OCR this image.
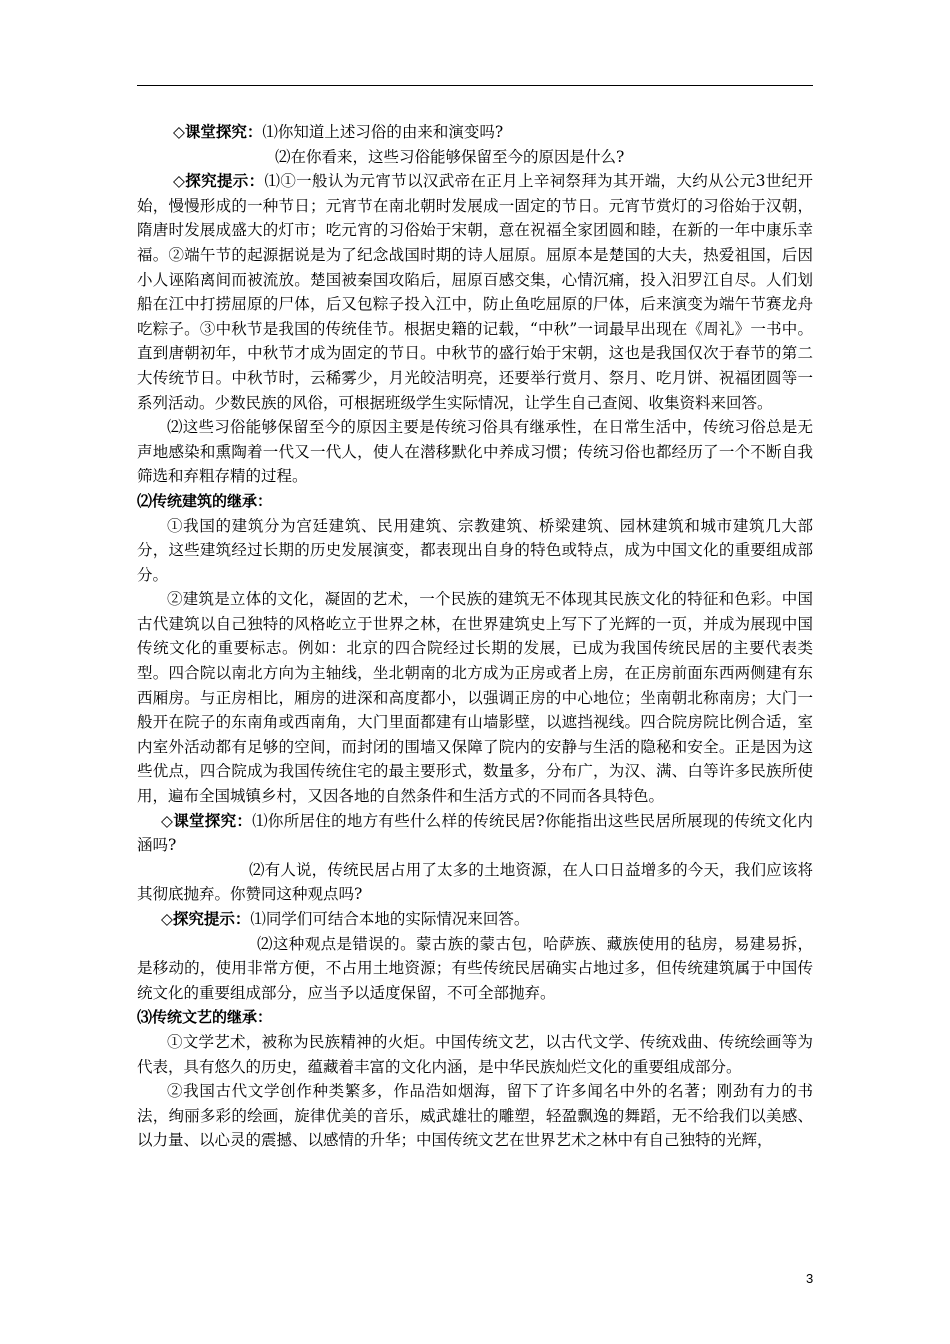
◇课堂探究：⑴你知道上述习俗的由来和演变吗?

⑵在你看来，这些习俗能够保留至今的原因是什么?

◇探究提示：⑴①一般认为元宵节以汉武帝在正月上辛祠祭拜为其开端，大约从公元3世纪开始，慢慢形成的一种节日；元宵节在南北朝时发展成一固定的节日。元宵节赏灯的习俗始于汉朝，隋唐时发展成盛大的灯市；吃元宵的习俗始于宋朝，意在祝福全家团圆和睦，在新的一年中康乐幸福。②端午节的起源据说是为了纪念战国时期的诗人屈原。屈原本是楚国的大夫，热爱祖国，后因小人诬陷离间而被流放。楚国被秦国攻陷后，屈原百感交集，心情沉痛，投入汨罗江自尽。人们划船在江中打捞屈原的尸体，后又包粽子投入江中，防止鱼吃屈原的尸体，后来演变为端午节赛龙舟吃粽子。③中秋节是我国的传统佳节。根据史籍的记载，“中秋”一词最早出现在《周礼》一书中。直到唐朝初年，中秋节才成为固定的节日。中秋节的盛行始于宋朝，这也是我国仅次于春节的第二大传统节日。中秋节时，云稀雾少，月光皎洁明亮，还要举行赏月、祭月、吃月饼、祝福团圆等一系列活动。少数民族的风俗，可根据班级学生实际情况，让学生自己查阅、收集资料来回答。

⑵这些习俗能够保留至今的原因主要是传统习俗具有继承性，在日常生活中，传统习俗总是无声地感染和熏陶着一代又一代人，使人在潜移默化中养成习惯；传统习俗也都经历了一个不断自我筛选和弃粗存精的过程。

⑵传统建筑的继承：

①我国的建筑分为宫廷建筑、民用建筑、宗教建筑、桥梁建筑、园林建筑和城市建筑几大部分，这些建筑经过长期的历史发展演变，都表现出自身的特色或特点，成为中国文化的重要组成部分。

②建筑是立体的文化，凝固的艺术，一个民族的建筑无不体现其民族文化的特征和色彩。中国古代建筑以自己独特的风格屹立于世界之林，在世界建筑史上写下了光辉的一页，并成为展现中国传统文化的重要标志。例如：北京的四合院经过长期的发展，已成为我国传统民居的主要代表类型。四合院以南北方向为主轴线，坐北朝南的北方成为正房或者上房，在正房前面东西两侧建有东西厢房。与正房相比，厢房的进深和高度都小，以强调正房的中心地位；坐南朝北称南房；大门一般开在院子的东南角或西南角，大门里面都建有山墙影壁，以遮挡视线。四合院房院比例合适，室内室外活动都有足够的空间，而封闭的围墙又保障了院内的安静与生活的隐秘和安全。正是因为这些优点，四合院成为我国传统住宅的最主要形式，数量多，分布广，为汉、满、白等许多民族所使用，遍布全国城镇乡村，又因各地的自然条件和生活方式的不同而各具特色。

◇课堂探究：⑴你所居住的地方有些什么样的传统民居?你能指出这些民居所展现的传统文化内涵吗?

⑵有人说，传统民居占用了太多的土地资源，在人口日益增多的今天，我们应该将其彻底抛弃。你赞同这种观点吗?

◇探究提示：⑴同学们可结合本地的实际情况来回答。

⑵这种观点是错误的。蒙古族的蒙古包，哈萨族、藏族使用的毡房，易建易拆，是移动的，使用非常方便，不占用土地资源；有些传统民居确实占地过多，但传统建筑属于中国传统文化的重要组成部分，应当予以适度保留，不可全部抛弃。

⑶传统文艺的继承：

①文学艺术，被称为民族精神的火炬。中国传统文艺，以古代文学、传统戏曲、传统绘画等为代表，具有悠久的历史，蕴藏着丰富的文化内涵，是中华民族灿烂文化的重要组成部分。

②我国古代文学创作种类繁多，作品浩如烟海，留下了许多闻名中外的名著；刚劲有力的书法，绚丽多彩的绘画，旋律优美的音乐，威武雄壮的雕塑，轻盈飘逸的舞蹈，无不给我们以美感、以力量、以心灵的震撼、以感情的升华；中国传统文艺在世界艺术之林中有自己独特的光辉，

3
